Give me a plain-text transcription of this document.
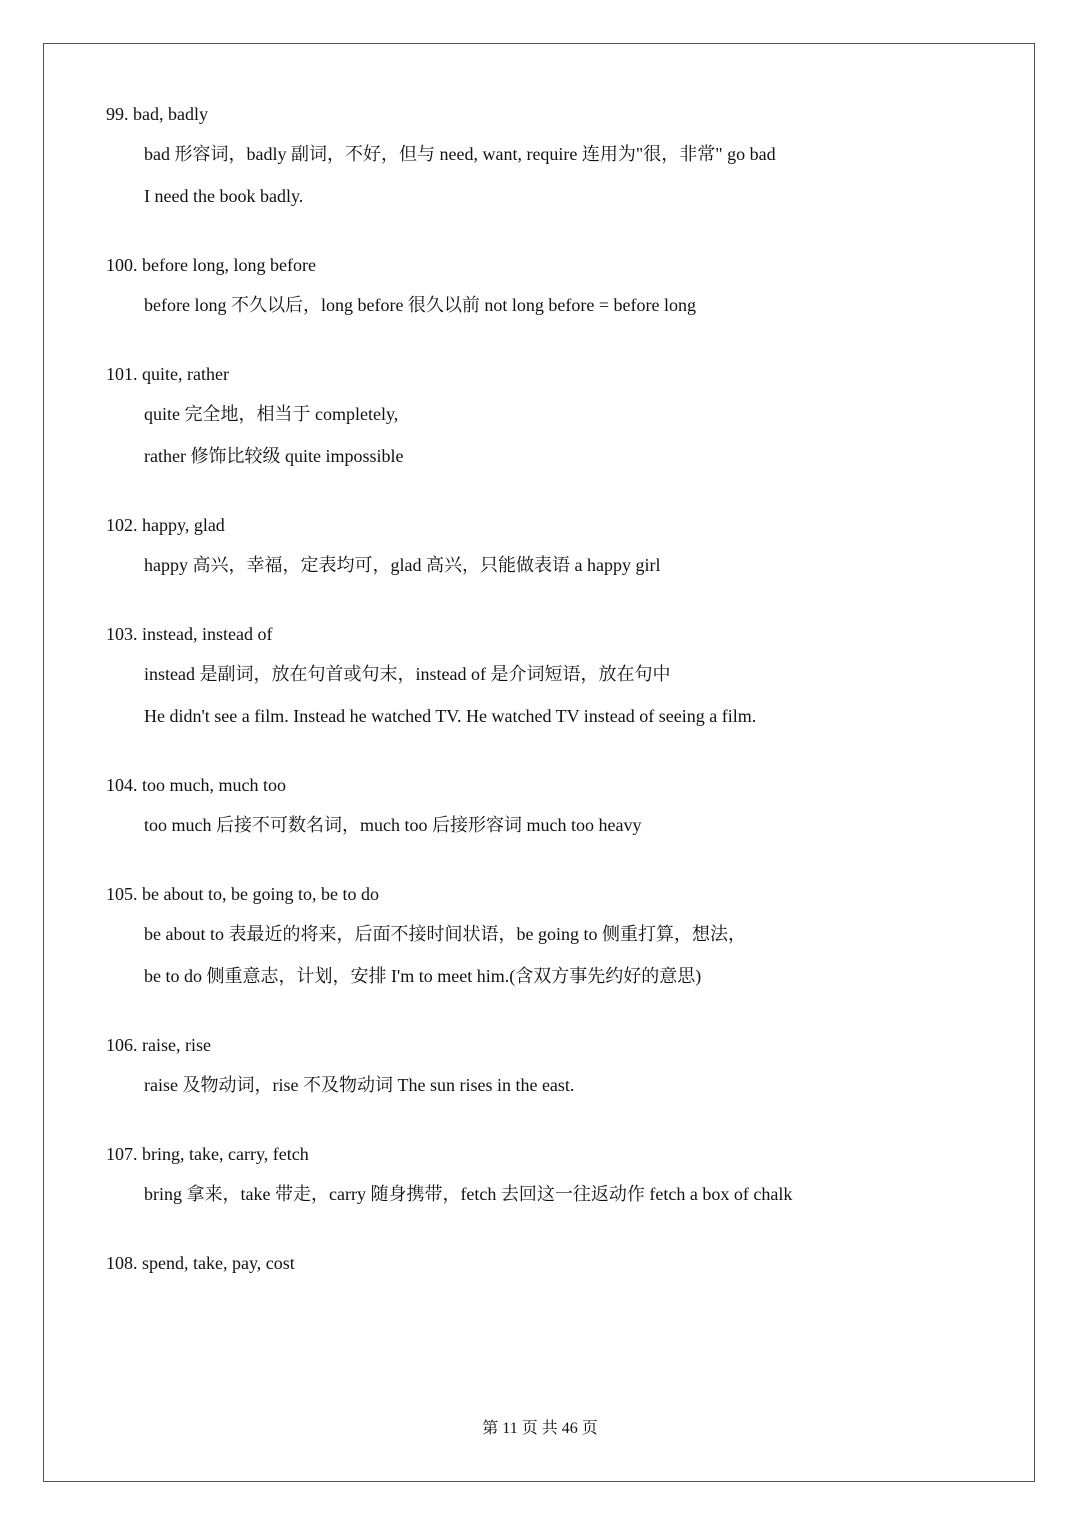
99. bad, badly
bad 形容词，badly 副词，不好，但与 need, want, require 连用为"很，非常" go bad
I need the book badly.
100. before long, long before
before long 不久以后，long before 很久以前 not long before = before long
101. quite, rather
quite 完全地，相当于 completely,
rather 修饰比较级 quite impossible
102. happy, glad
happy 高兴，幸福，定表均可，glad 高兴，只能做表语 a happy girl
103. instead, instead of
instead 是副词，放在句首或句末，instead of 是介词短语，放在句中
He didn't see a film. Instead he watched TV. He watched TV instead of seeing a film.
104. too much, much too
too much 后接不可数名词，much too 后接形容词 much too heavy
105. be about to, be going to, be to do
be about to 表最近的将来，后面不接时间状语，be going to 侧重打算，想法，
be to do 侧重意志，计划，安排 I'm to meet him.(含双方事先约好的意思)
106. raise, rise
raise 及物动词，rise 不及物动词 The sun rises in the east.
107. bring, take, carry, fetch
bring 拿来，take 带走，carry 随身携带，fetch 去回这一往返动作 fetch a box of chalk
108. spend, take, pay, cost
第 11 页 共 46 页
